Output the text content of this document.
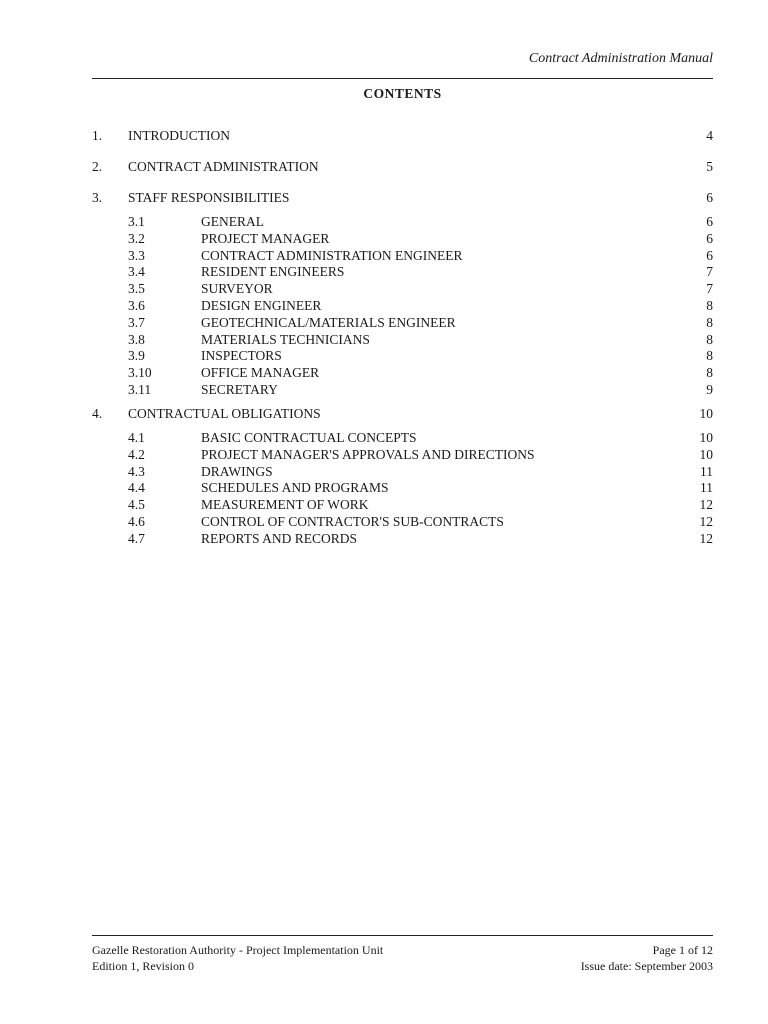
Contract Administration Manual
CONTENTS
1. INTRODUCTION	4
2. CONTRACT ADMINISTRATION	5
3. STAFF RESPONSIBILITIES	6
3.1	GENERAL	6
3.2	PROJECT MANAGER	6
3.3	CONTRACT ADMINISTRATION ENGINEER	6
3.4	RESIDENT ENGINEERS	7
3.5	SURVEYOR	7
3.6	DESIGN ENGINEER	8
3.7	GEOTECHNICAL/MATERIALS ENGINEER	8
3.8	MATERIALS TECHNICIANS	8
3.9	INSPECTORS	8
3.10	OFFICE MANAGER	8
3.11	SECRETARY	9
4. CONTRACTUAL OBLIGATIONS	10
4.1	BASIC CONTRACTUAL CONCEPTS	10
4.2	PROJECT MANAGER'S APPROVALS AND DIRECTIONS	10
4.3	DRAWINGS	11
4.4	SCHEDULES AND PROGRAMS	11
4.5	MEASUREMENT OF WORK	12
4.6	CONTROL OF CONTRACTOR'S SUB-CONTRACTS	12
4.7	REPORTS AND RECORDS	12
Gazelle Restoration Authority - Project Implementation Unit
Edition 1, Revision 0
Page 1 of 12
Issue date: September 2003
